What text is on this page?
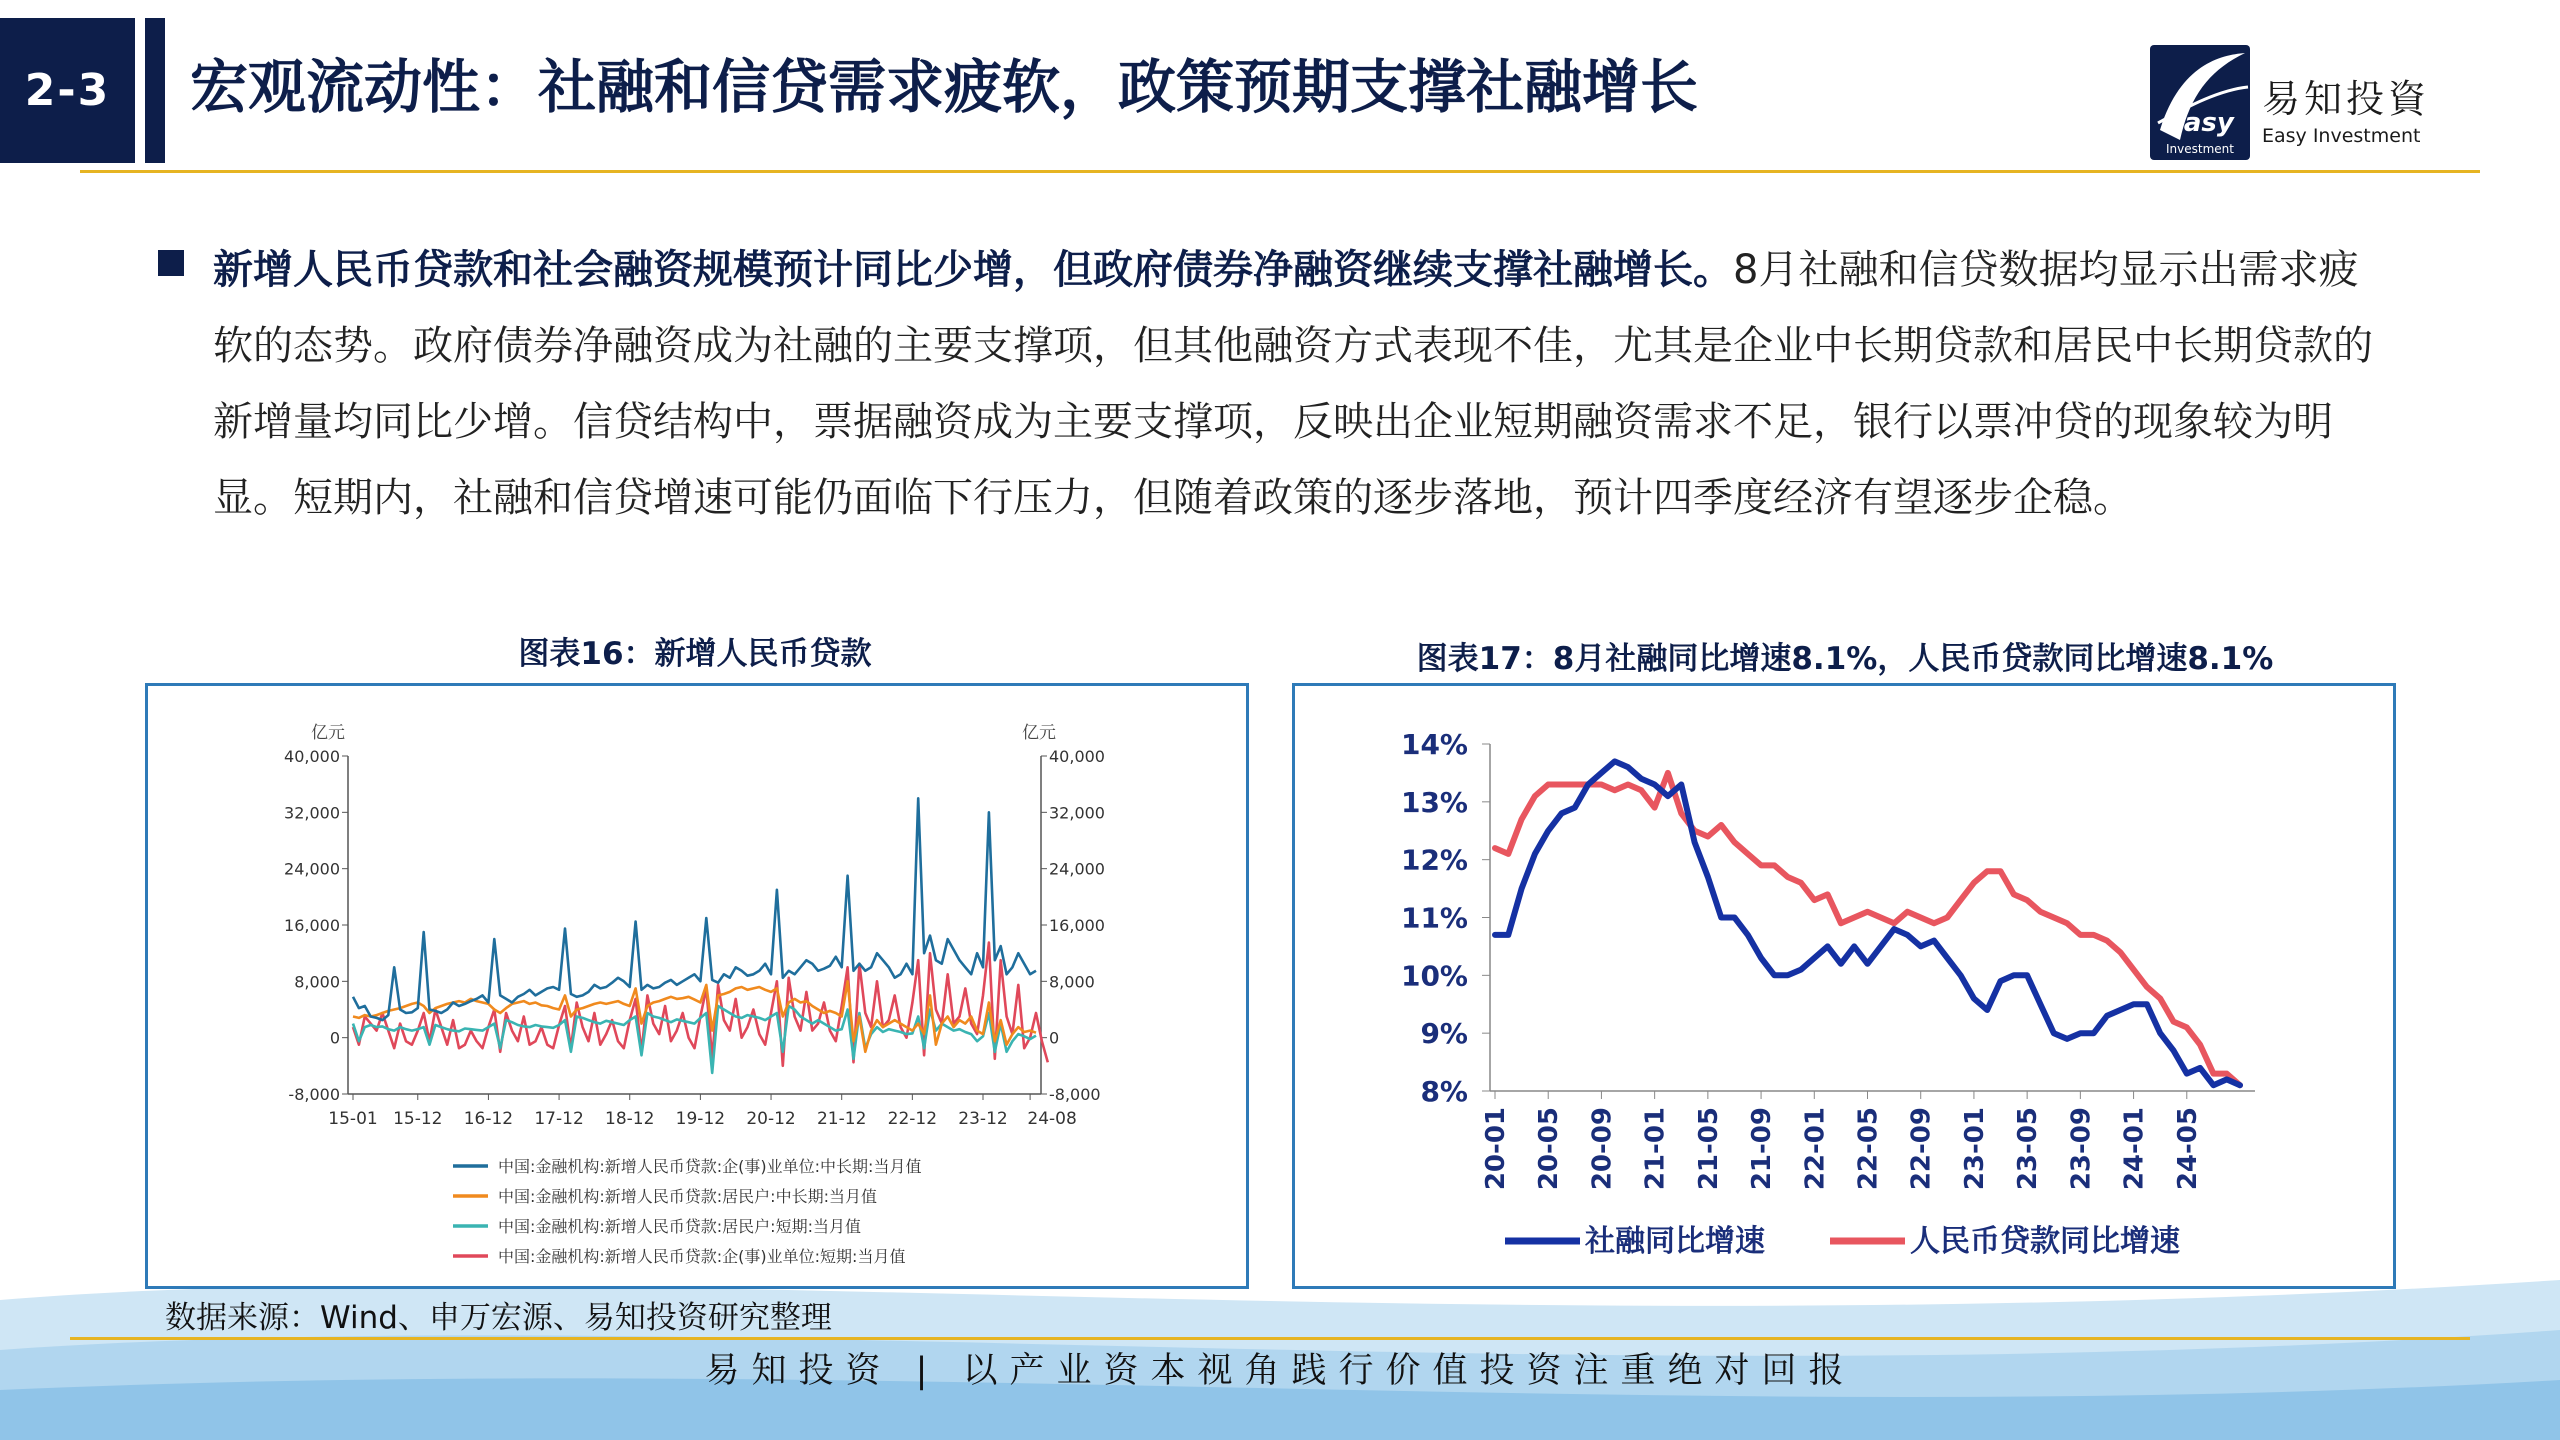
2-3	宏观流动性：社融和信贷需求疲软，政策预期支撑社融增长
Easy
Investment
易知投資
Easy Investment
新增人民币贷款和社会融资规模预计同比少增，但政府债券净融资继续支撑社融增长。8月社融和信贷数据均显示出需求疲软的态势。政府债券净融资成为社融的主要支撑项，但其他融资方式表现不佳，尤其是企业中长期贷款和居民中长期贷款的新增量均同比少增。信贷结构中，票据融资成为主要支撑项，反映出企业短期融资需求不足，银行以票冲贷的现象较为明显。短期内，社融和信贷增速可能仍面临下行压力，但随着政策的逐步落地，预计四季度经济有望逐步企稳。
图表16：新增人民币贷款
亿元	亿元
-8,000	-8,000
0	0
8,000	8,000
16,000	16,000
24,000	24,000
32,000	32,000
40,000	40,000
15-01 15-12 16-12 17-12 18-12 19-12 20-12 21-12 22-12 23-12 24-08
中国:金融机构:新增人民币贷款:企(事)业单位:中长期:当月值
中国:金融机构:新增人民币贷款:居民户:中长期:当月值
中国:金融机构:新增人民币贷款:居民户:短期:当月值
中国:金融机构:新增人民币贷款:企(事)业单位:短期:当月值
图表17：8月社融同比增速8.1%，人民币贷款同比增速8.1%
8%
9%
10%
11%
12%
13%
14%
20-01 20-05 20-09 21-01 21-05 21-09 22-01 22-05 22-09 23-01 23-05 23-09 24-01 24-05
社融同比增速	人民币贷款同比增速
数据来源：Wind、申万宏源、易知投资研究整理
易知投资 | 以产业资本视角践行价值投资注重绝对回报
